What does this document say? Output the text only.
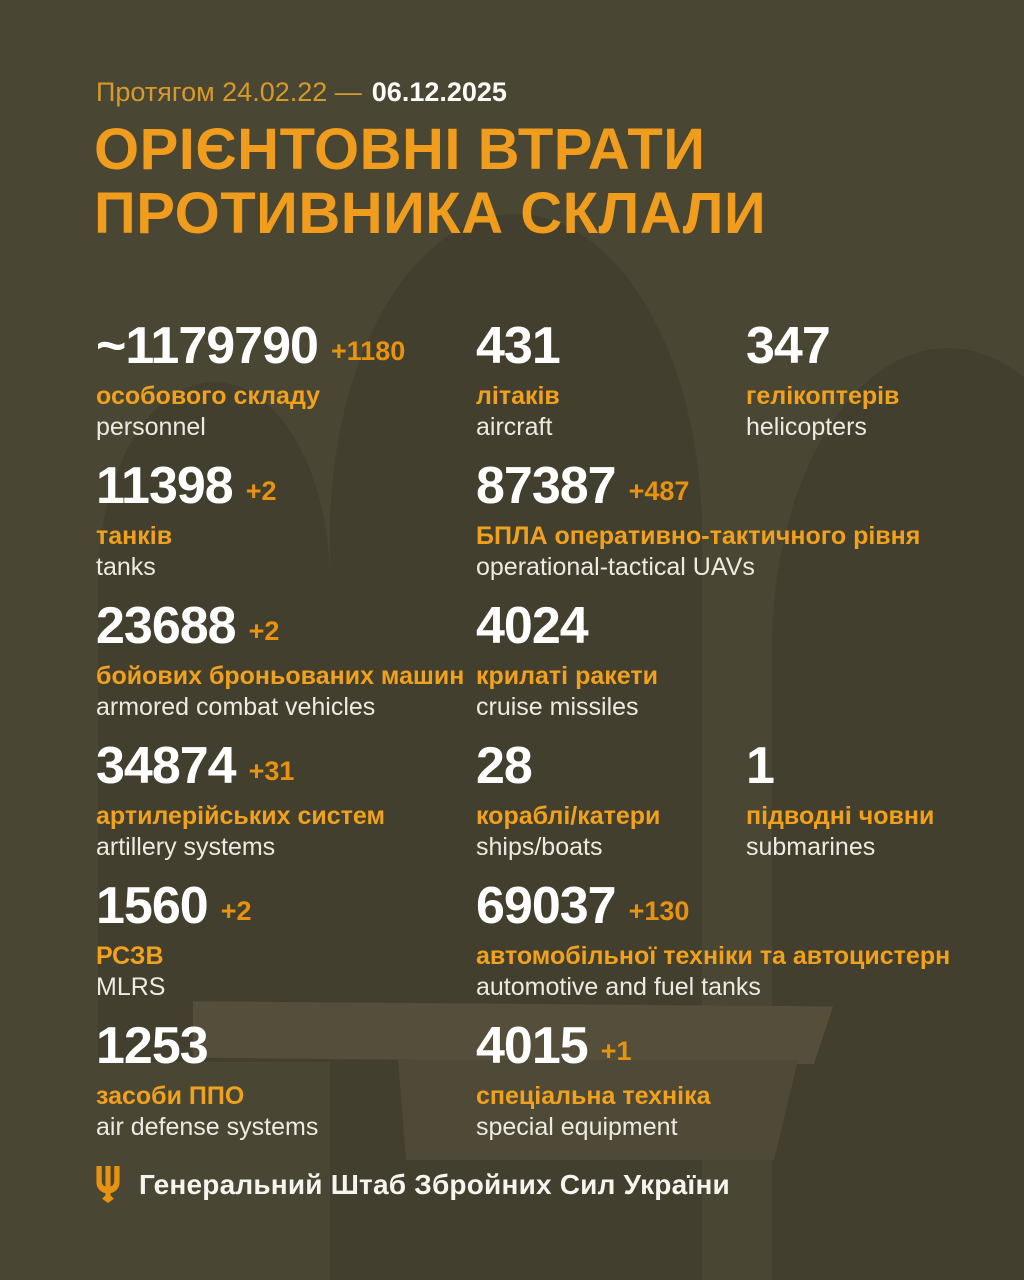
Протягом 24.02.22 — 06.12.2025
ОРІЄНТОВНІ ВТРАТИ
ПРОТИВНИКА СКЛАЛИ
~1179790 +1180
особового складу
personnel
431
літаків
aircraft
347
гелікоптерів
helicopters
11398 +2
танків
tanks
87387 +487
БПЛА оперативно-тактичного рівня
operational-tactical UAVs
23688 +2
бойових броньованих машин
armored combat vehicles
4024
крилаті ракети
cruise missiles
34874 +31
артилерійських систем
artillery systems
28
кораблі/катери
ships/boats
1
підводні човни
submarines
1560 +2
РСЗВ
MLRS
69037 +130
автомобільної техніки та автоцистерн
automotive and fuel tanks
1253
засоби ППО
air defense systems
4015 +1
спеціальна техніка
special equipment
Генеральний Штаб Збройних Сил України
